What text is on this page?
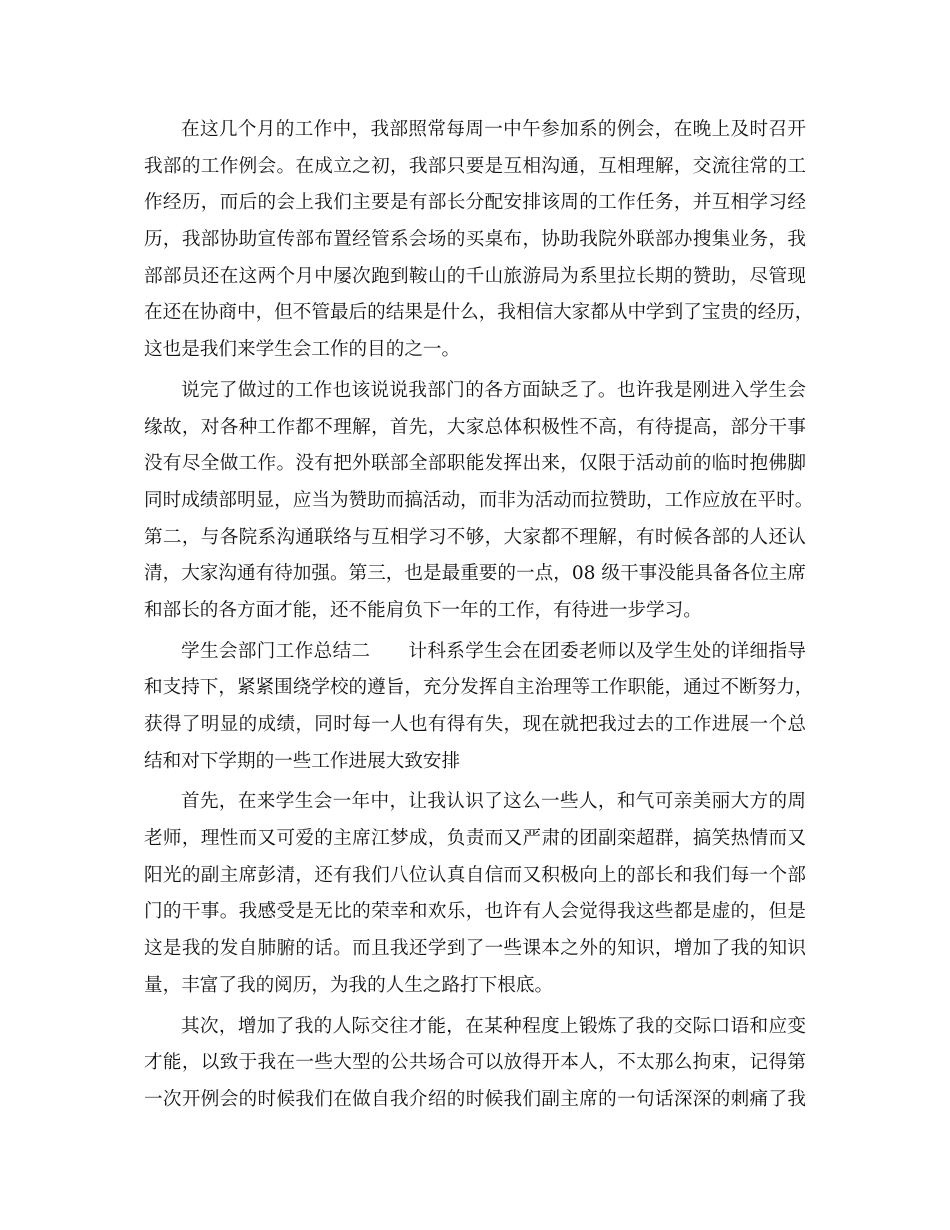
在这几个月的工作中，我部照常每周一中午参加系的例会，在晚上及时召开
我部的工作例会。在成立之初，我部只要是互相沟通，互相理解，交流往常的工
作经历，而后的会上我们主要是有部长分配安排该周的工作任务，并互相学习经
历，我部协助宣传部布置经管系会场的买桌布，协助我院外联部办搜集业务，我
部部员还在这两个月中屡次跑到鞍山的千山旅游局为系里拉长期的赞助，尽管现
在还在协商中，但不管最后的结果是什么，我相信大家都从中学到了宝贵的经历，
这也是我们来学生会工作的目的之一。
说完了做过的工作也该说说我部门的各方面缺乏了。也许我是刚进入学生会
缘故，对各种工作都不理解，首先，大家总体积极性不高，有待提高，部分干事
没有尽全做工作。没有把外联部全部职能发挥出来，仅限于活动前的临时抱佛脚
同时成绩部明显，应当为赞助而搞活动，而非为活动而拉赞助，工作应放在平时。
第二，与各院系沟通联络与互相学习不够，大家都不理解，有时候各部的人还认
清，大家沟通有待加强。第三，也是最重要的一点，08 级干事没能具备各位主席
和部长的各方面才能，还不能肩负下一年的工作，有待进一步学习。
学生会部门工作总结二　　计科系学生会在团委老师以及学生处的详细指导
和支持下，紧紧围绕学校的遵旨，充分发挥自主治理等工作职能，通过不断努力，
获得了明显的成绩，同时每一人也有得有失，现在就把我过去的工作进展一个总
结和对下学期的一些工作进展大致安排
首先，在来学生会一年中，让我认识了这么一些人，和气可亲美丽大方的周
老师，理性而又可爱的主席江梦成，负责而又严肃的团副栾超群，搞笑热情而又
阳光的副主席彭清，还有我们八位认真自信而又积极向上的部长和我们每一个部
门的干事。我感受是无比的荣幸和欢乐，也许有人会觉得我这些都是虚的，但是
这是我的发自肺腑的话。而且我还学到了一些课本之外的知识，增加了我的知识
量，丰富了我的阅历，为我的人生之路打下根底。
其次，增加了我的人际交往才能，在某种程度上锻炼了我的交际口语和应变
才能，以致于我在一些大型的公共场合可以放得开本人，不太那么拘束，记得第
一次开例会的时候我们在做自我介绍的时候我们副主席的一句话深深的刺痛了我
